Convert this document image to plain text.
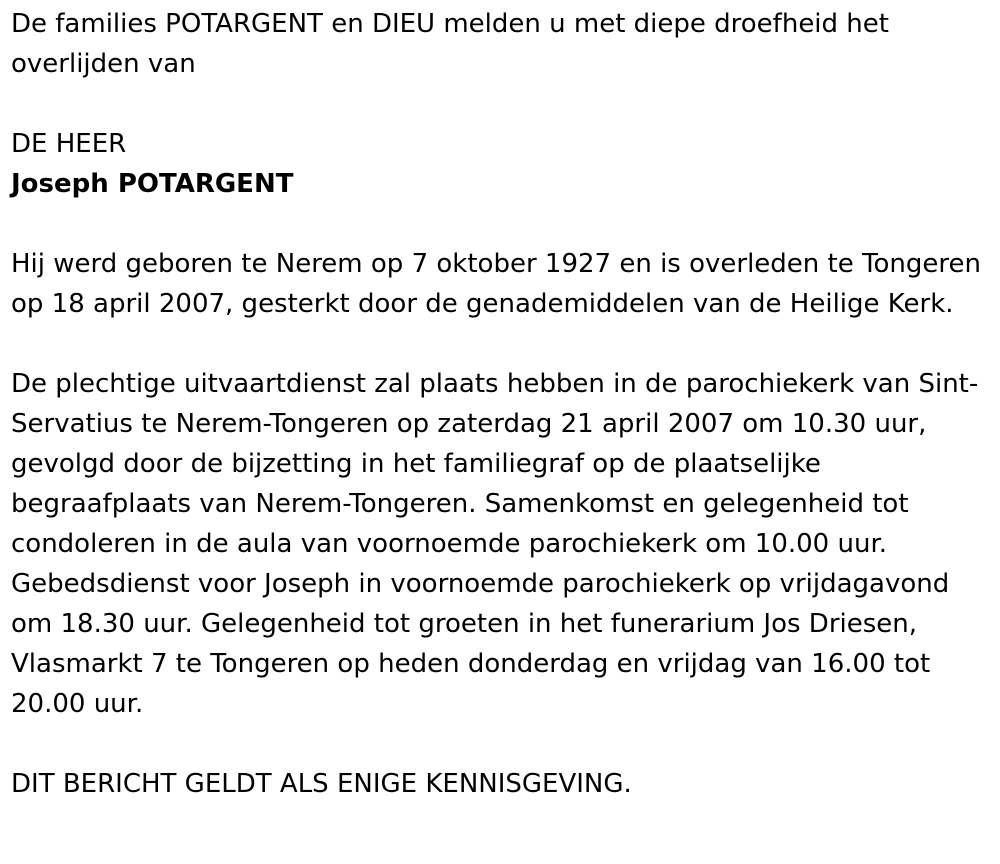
De families POTARGENT en DIEU melden u met diepe droefheid het overlijden van

DE HEER

Joseph POTARGENT

Hij werd geboren te Nerem op 7 oktober 1927 en is overleden te Tongeren op 18 april 2007, gesterkt door de genademiddelen van de Heilige Kerk.

De plechtige uitvaartdienst zal plaats hebben in de parochiekerk van Sint-Servatius te Nerem-Tongeren op zaterdag 21 april 2007 om 10.30 uur, gevolgd door de bijzetting in het familiegraf op de plaatselijke begraafplaats van Nerem-Tongeren. Samenkomst en gelegenheid tot condoleren in de aula van voornoemde parochiekerk om 10.00 uur. Gebedsdienst voor Joseph in voornoemde parochiekerk op vrijdagavond om 18.30 uur. Gelegenheid tot groeten in het funerarium Jos Driesen, Vlasmarkt 7 te Tongeren op heden donderdag en vrijdag van 16.00 tot 20.00 uur.

DIT BERICHT GELDT ALS ENIGE KENNISGEVING.
